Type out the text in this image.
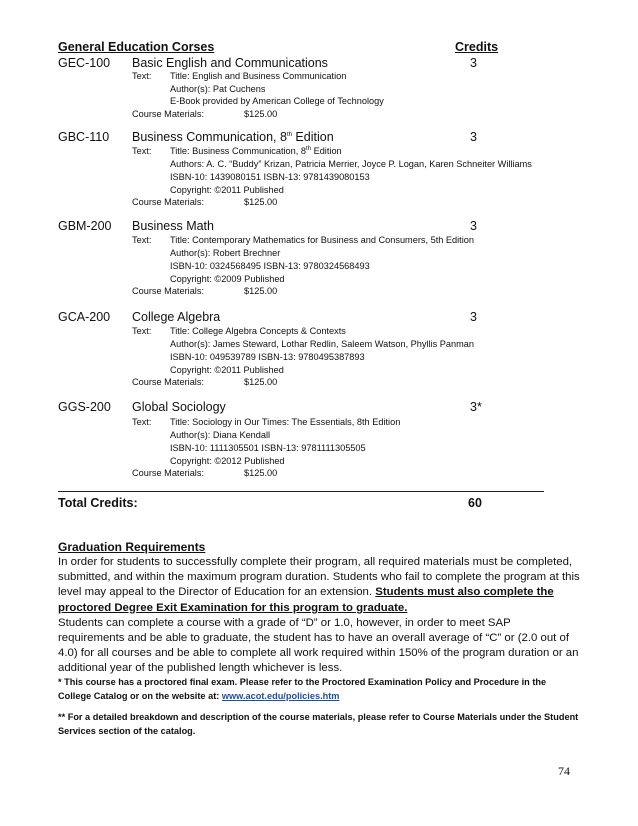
General Education Corses	Credits
GEC-100 Basic English and Communications	3
Text: Title: English and Business Communication
Author(s): Pat Cuchens
E-Book provided by American College of Technology
Course Materials:	$125.00
GBC-110 Business Communication, 8th Edition	3
Text: Title: Business Communication, 8th Edition
Authors: A. C. “Buddy” Krizan, Patricia Merrier, Joyce P. Logan, Karen Schneiter Williams
ISBN-10: 1439080151 ISBN-13: 9781439080153
Copyright: ©2011 Published
Course Materials:	$125.00
GBM-200 Business Math	3
Text: Title: Contemporary Mathematics for Business and Consumers, 5th Edition
Author(s): Robert Brechner
ISBN-10: 0324568495 ISBN-13: 9780324568493
Copyright: ©2009 Published
Course Materials:	$125.00
GCA-200 College Algebra	3
Text: Title: College Algebra Concepts & Contexts
Author(s): James Steward, Lothar Redlin, Saleem Watson, Phyllis Panman
ISBN-10: 049539789 ISBN-13: 9780495387893
Copyright: ©2011 Published
Course Materials:	$125.00
GGS-200 Global Sociology	3*
Text: Title: Sociology in Our Times: The Essentials, 8th Edition
Author(s): Diana Kendall
ISBN-10: 1111305501 ISBN-13: 9781111305505
Copyright: ©2012 Published
Course Materials:	$125.00
Total Credits:	60
Graduation Requirements
In order for students to successfully complete their program, all required materials must be completed, submitted, and within the maximum program duration. Students who fail to complete the program at this level may appeal to the Director of Education for an extension. Students must also complete the proctored Degree Exit Examination for this program to graduate.
Students can complete a course with a grade of “D” or 1.0, however, in order to meet SAP requirements and be able to graduate, the student has to have an overall average of “C” or (2.0 out of 4.0) for all courses and be able to complete all work required within 150% of the program duration or an additional year of the published length whichever is less.
* This course has a proctored final exam. Please refer to the Proctored Examination Policy and Procedure in the College Catalog or on the website at: www.acot.edu/policies.htm
** For a detailed breakdown and description of the course materials, please refer to Course Materials under the Student Services section of the catalog.
74
